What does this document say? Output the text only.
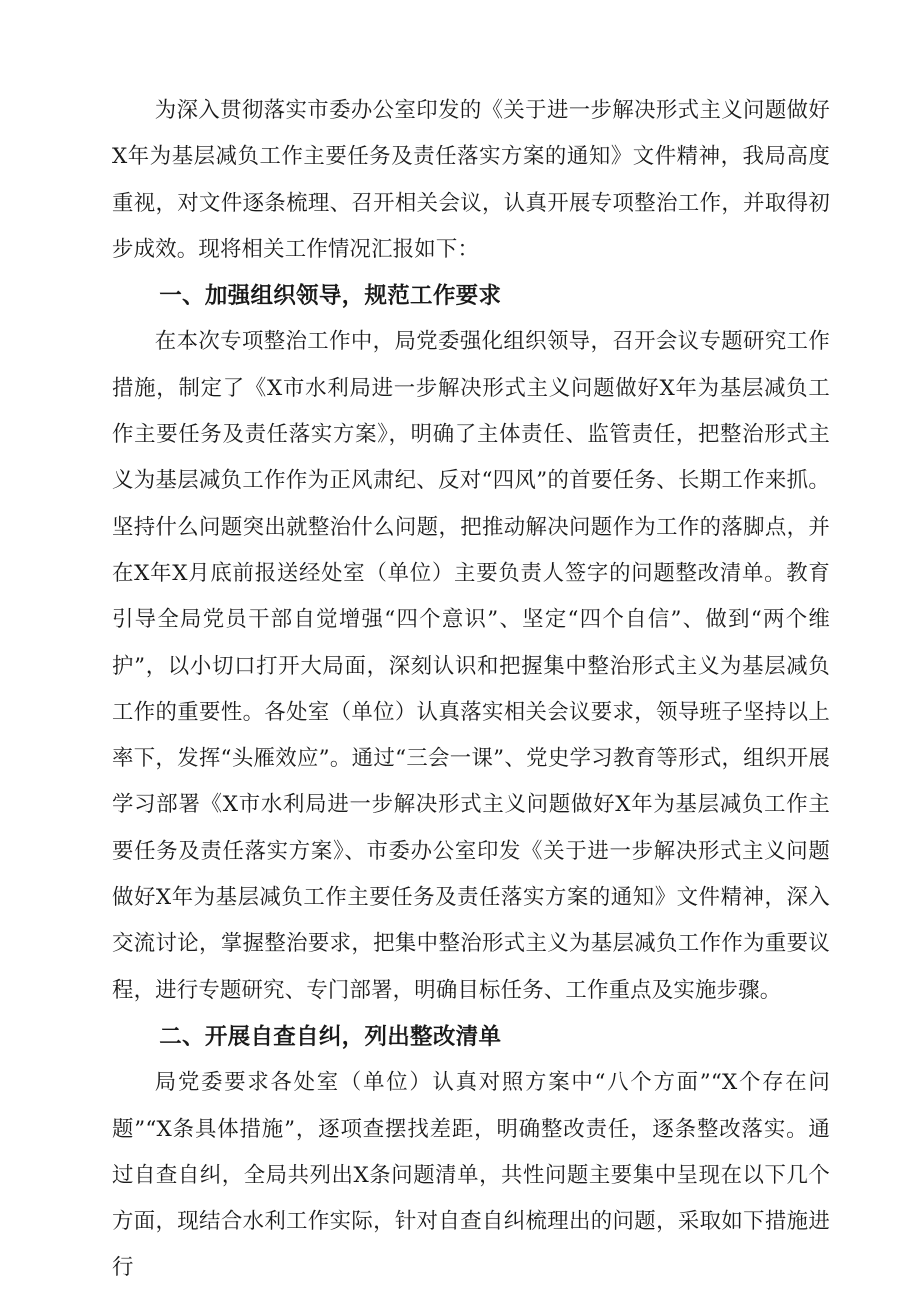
为深入贯彻落实市委办公室印发的《关于进一步解决形式主义问题做好X年为基层减负工作主要任务及责任落实方案的通知》文件精神，我局高度重视，对文件逐条梳理、召开相关会议，认真开展专项整治工作，并取得初步成效。现将相关工作情况汇报如下：

一、加强组织领导，规范工作要求

在本次专项整治工作中，局党委强化组织领导，召开会议专题研究工作措施，制定了《X市水利局进一步解决形式主义问题做好X年为基层减负工作主要任务及责任落实方案》，明确了主体责任、监管责任，把整治形式主义为基层减负工作作为正风肃纪、反对“四风”的首要任务、长期工作来抓。坚持什么问题突出就整治什么问题，把推动解决问题作为工作的落脚点，并在X年X月底前报送经处室（单位）主要负责人签字的问题整改清单。教育引导全局党员干部自觉增强“四个意识”、坚定“四个自信”、做到“两个维护”，以小切口打开大局面，深刻认识和把握集中整治形式主义为基层减负工作的重要性。各处室（单位）认真落实相关会议要求，领导班子坚持以上率下，发挥“头雁效应”。通过“三会一课”、党史学习教育等形式，组织开展学习部署《X市水利局进一步解决形式主义问题做好X年为基层减负工作主要任务及责任落实方案》、市委办公室印发《关于进一步解决形式主义问题做好X年为基层减负工作主要任务及责任落实方案的通知》文件精神，深入交流讨论，掌握整治要求，把集中整治形式主义为基层减负工作作为重要议程，进行专题研究、专门部署，明确目标任务、工作重点及实施步骤。

二、开展自查自纠，列出整改清单

局党委要求各处室（单位）认真对照方案中“八个方面”“X个存在问题”“X条具体措施”，逐项查摆找差距，明确整改责任，逐条整改落实。通过自查自纠，全局共列出X条问题清单，共性问题主要集中呈现在以下几个方面，现结合水利工作实际，针对自查自纠梳理出的问题，采取如下措施进行
